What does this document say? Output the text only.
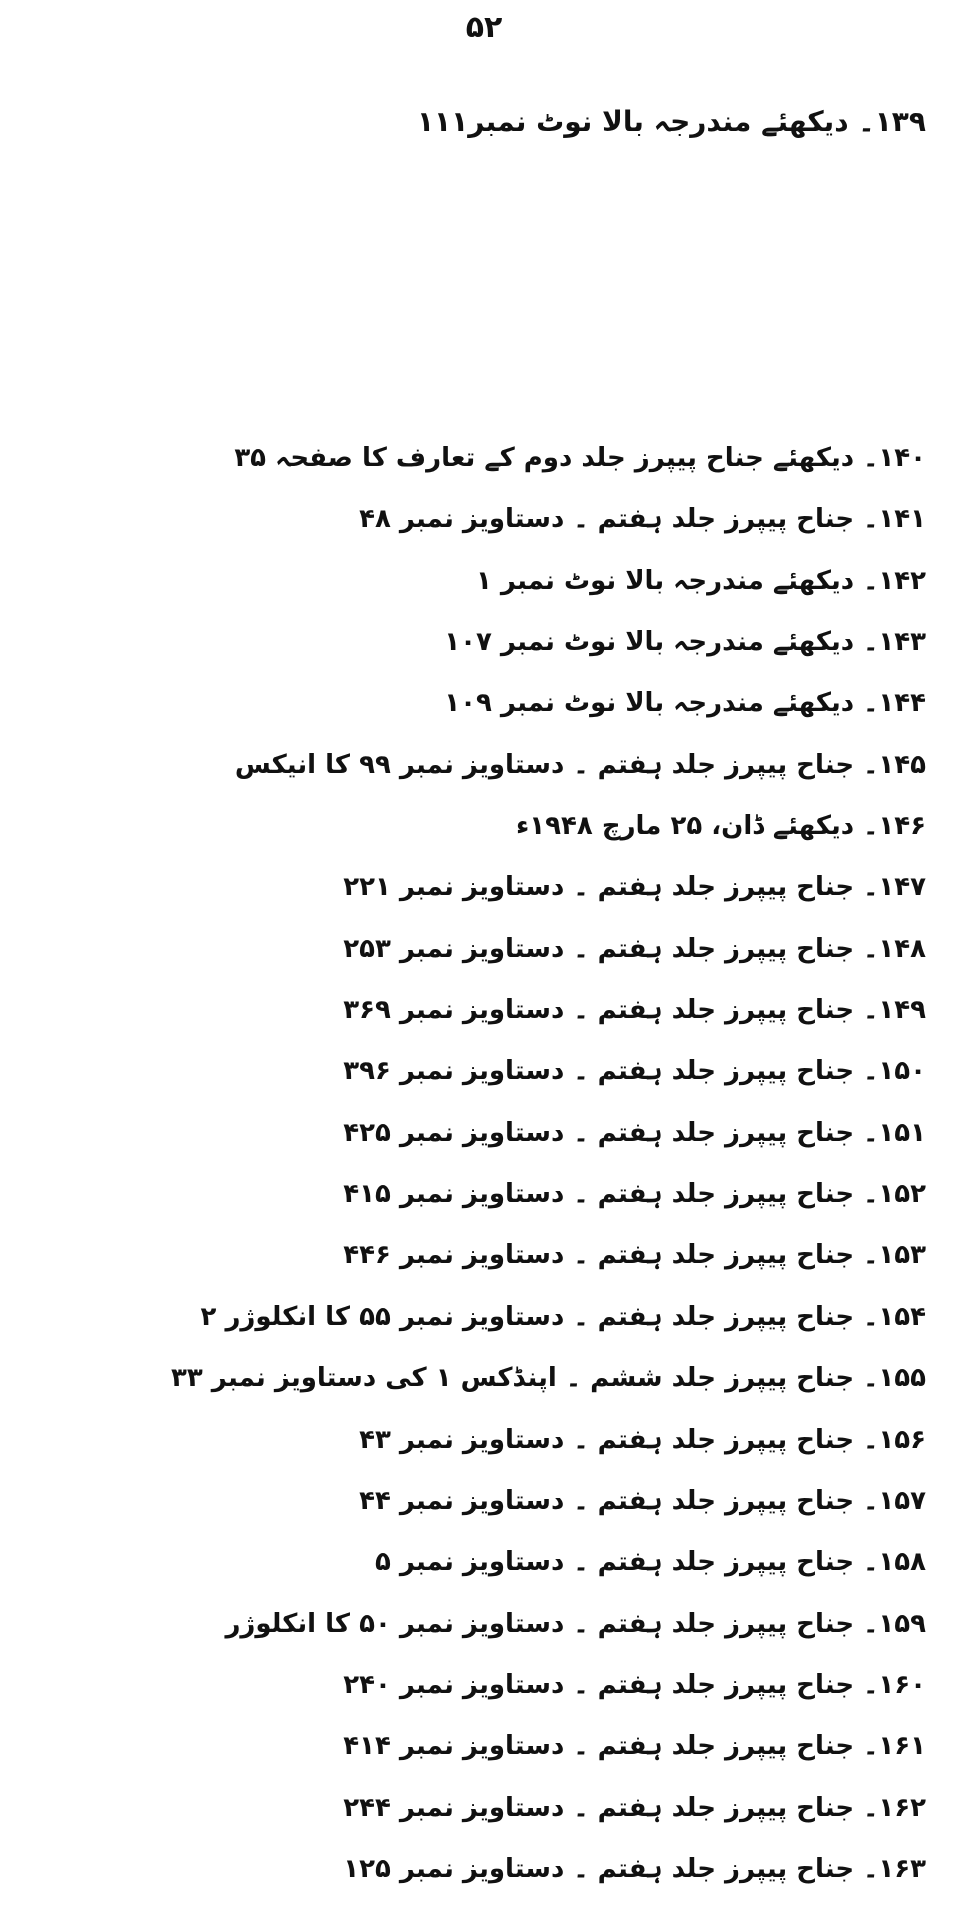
۵۲
۱۳۹۔ دیکھئے مندرجہ بالا نوٹ نمبر۱۱۱
۱۴۰۔ دیکھئے جناح پیپرز جلد دوم کے تعارف کا صفحہ ۳۵
۱۴۱۔ جناح پیپرز جلد ہفتم ۔ دستاویز نمبر ۴۸
۱۴۲۔ دیکھئے مندرجہ بالا نوٹ نمبر ۱
۱۴۳۔ دیکھئے مندرجہ بالا نوٹ نمبر ۱۰۷
۱۴۴۔ دیکھئے مندرجہ بالا نوٹ نمبر ۱۰۹
۱۴۵۔ جناح پیپرز جلد ہفتم ۔ دستاویز نمبر ۹۹ کا انیکس
۱۴۶۔ دیکھئے ڈان، ۲۵ مارچ ۱۹۴۸ء
۱۴۷۔ جناح پیپرز جلد ہفتم ۔ دستاویز نمبر ۲۲۱
۱۴۸۔ جناح پیپرز جلد ہفتم ۔ دستاویز نمبر ۲۵۳
۱۴۹۔ جناح پیپرز جلد ہفتم ۔ دستاویز نمبر ۳۶۹
۱۵۰۔ جناح پیپرز جلد ہفتم ۔ دستاویز نمبر ۳۹۶
۱۵۱۔ جناح پیپرز جلد ہفتم ۔ دستاویز نمبر ۴۲۵
۱۵۲۔ جناح پیپرز جلد ہفتم ۔ دستاویز نمبر ۴۱۵
۱۵۳۔ جناح پیپرز جلد ہفتم ۔ دستاویز نمبر ۴۴۶
۱۵۴۔ جناح پیپرز جلد ہفتم ۔ دستاویز نمبر ۵۵ کا انکلوژر ۲
۱۵۵۔ جناح پیپرز جلد ششم ۔ اپنڈکس ۱ کی دستاویز نمبر ۳۳
۱۵۶۔ جناح پیپرز جلد ہفتم ۔ دستاویز نمبر ۴۳
۱۵۷۔ جناح پیپرز جلد ہفتم ۔ دستاویز نمبر ۴۴
۱۵۸۔ جناح پیپرز جلد ہفتم ۔ دستاویز نمبر ۵
۱۵۹۔ جناح پیپرز جلد ہفتم ۔ دستاویز نمبر ۵۰ کا انکلوژر
۱۶۰۔ جناح پیپرز جلد ہفتم ۔ دستاویز نمبر ۲۴۰
۱۶۱۔ جناح پیپرز جلد ہفتم ۔ دستاویز نمبر ۴۱۴
۱۶۲۔ جناح پیپرز جلد ہفتم ۔ دستاویز نمبر ۲۴۴
۱۶۳۔ جناح پیپرز جلد ہفتم ۔ دستاویز نمبر ۱۲۵
